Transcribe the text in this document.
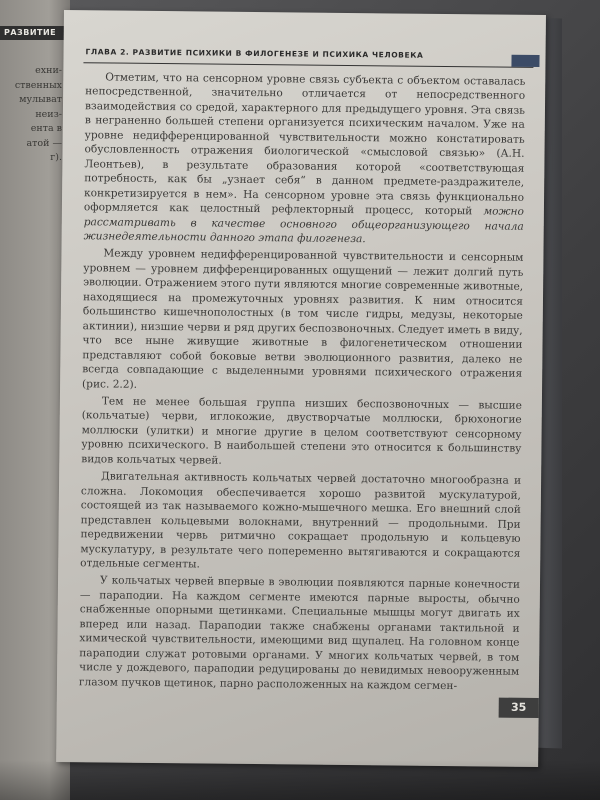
РАЗВИТИЕ
ехни-
ственных
мулыват
неиз-
ента в
атой —
г).
ГЛАВА 2. РАЗВИТИЕ ПСИХИКИ В ФИЛОГЕНЕЗЕ И ПСИХИКА ЧЕЛОВЕКА

Отметим, что на сенсорном уровне связь субъекта с объектом оставалась непосредственной, значительно отличается от непосредственного взаимодействия со средой, характерного для предыдущего уровня. Эта связь в неграненно большей степени организуется психическим началом. Уже на уровне недифференцированной чувствительности можно констатировать обусловленность отражения биологической «смысловой связью» (А.Н. Леонтьев), в результате образования которой «соответствующая потребность, как бы „узнает себя“ в данном предмете-раздражителе, конкретизируется в нем». На сенсорном уровне эта связь функционально оформляется как целостный рефлекторный процесс, который можно рассматривать в качестве основного общеорганизующего начала жизнедеятельности данного этапа филогенеза.

Между уровнем недифференцированной чувствительности и сенсорным уровнем — уровнем дифференцированных ощущений — лежит долгий путь эволюции. Отражением этого пути являются многие современные животные, находящиеся на промежуточных уровнях развития. К ним относится большинство кишечнополостных (в том числе гидры, медузы, некоторые актинии), низшие черви и ряд других беспозвоночных. Следует иметь в виду, что все ныне живущие животные в филогенетическом отношении представляют собой боковые ветви эволюционного развития, далеко не всегда совпадающие с выделенными уровнями психического отражения (рис. 2.2).

Тем не менее большая группа низших беспозвоночных — высшие (кольчатые) черви, иглокожие, двустворчатые моллюски, брюхоногие моллюски (улитки) и многие другие в целом соответствуют сенсорному уровню психического. В наибольшей степени это относится к большинству видов кольчатых червей.

Двигательная активность кольчатых червей достаточно многообразна и сложна. Локомоция обеспечивается хорошо развитой мускулатурой, состоящей из так называемого кожно-мышечного мешка. Его внешний слой представлен кольцевыми волокнами, внутренний — продольными. При передвижении червь ритмично сокращает продольную и кольцевую мускулатуру, в результате чего попеременно вытягиваются и сокращаются отдельные сегменты.

У кольчатых червей впервые в эволюции появляются парные конечности — параподии. На каждом сегменте имеются парные выросты, обычно снабженные опорными щетинками. Специальные мышцы могут двигать их вперед или назад. Параподии также снабжены органами тактильной и химической чувствительности, имеющими вид щупалец. На головном конце параподии служат ротовыми органами. У многих кольчатых червей, в том числе у дождевого, параподии редуцированы до невидимых невооруженным глазом пучков щетинок, парно расположенных на каждом сегмен-

35
